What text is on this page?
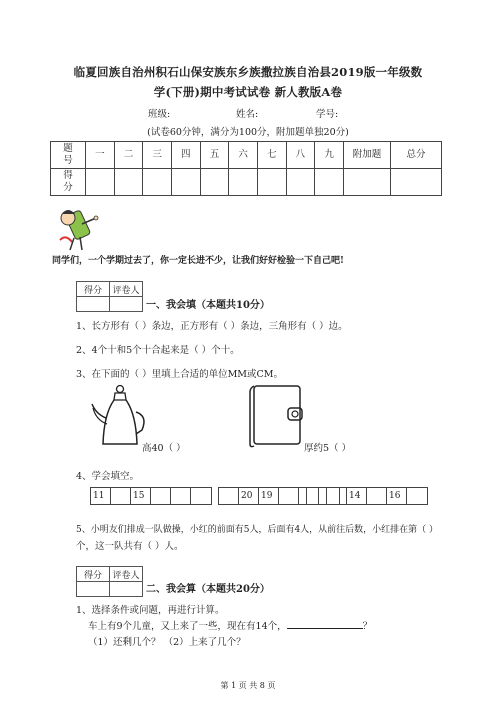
临夏回族自治州积石山保安族东乡族撒拉族自治县2019版一年级数
学(下册)期中考试试卷 新人教版A卷
班级:	姓名:	学号:
(试卷60分钟，满分为100分，附加题单独20分)
题号	一	二	三	四	五	六	七	八	九	附加题	总分
得分											
同学们，一个学期过去了，你一定长进不少，让我们好好检验一下自己吧!
得分	评卷人

一、我会填（本题共10分）
1、长方形有（ ）条边，正方形有（ ）条边，三角形有（ ）边。
2、4个十和5个十合起来是（ ）个十。
3、在下面的（ ）里填上合适的单位MM或CM。
高40（ ）	厚约5（ ）
4、学会填空。
11	15	20 19	14	16
5、小明友们排成一队做操，小红的前面有5人，后面有4人，从前往后数，小红排在第（ ）
个，这一队共有（ ）人。
得分	评卷人

二、我会算（本题共20分）
1、选择条件或问题，再进行计算。
车上有9个儿童，又上来了一些，现在有14个，	？
（1）还剩几个？ （2）上来了几个？
第 1 页 共 8 页
